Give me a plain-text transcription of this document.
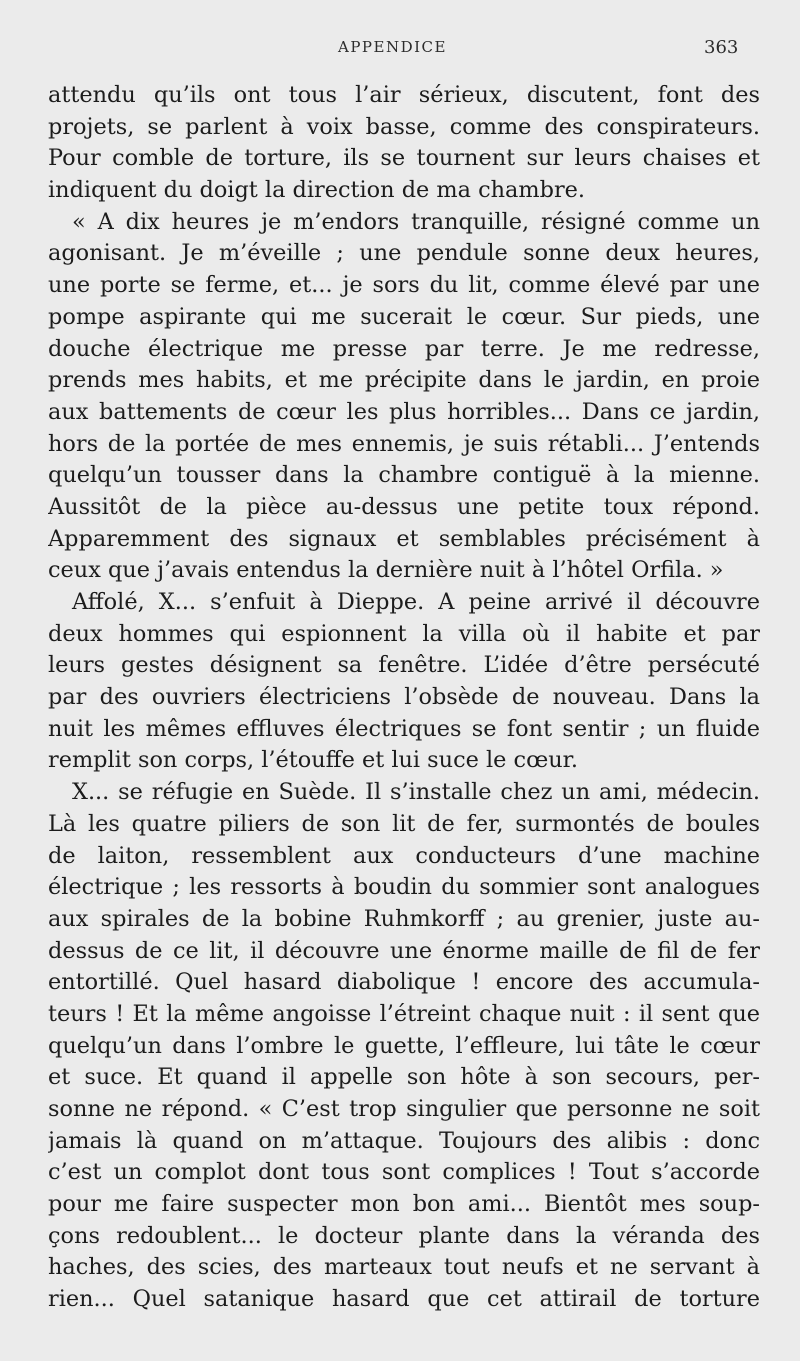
APPENDICE	363
attendu qu’ils ont tous l’air sérieux, discutent, font des
projets, se parlent à voix basse, comme des conspirateurs.
Pour comble de torture, ils se tournent sur leurs chaises et
indiquent du doigt la direction de ma chambre.
« A dix heures je m’endors tranquille, résigné comme un
agonisant. Je m’éveille ; une pendule sonne deux heures,
une porte se ferme, et... je sors du lit, comme élevé par une
pompe aspirante qui me sucerait le cœur. Sur pieds, une
douche électrique me presse par terre. Je me redresse,
prends mes habits, et me précipite dans le jardin, en proie
aux battements de cœur les plus horribles... Dans ce jardin,
hors de la portée de mes ennemis, je suis rétabli... J’entends
quelqu’un tousser dans la chambre contiguë à la mienne.
Aussitôt de la pièce au-dessus une petite toux répond.
Apparemment des signaux et semblables précisément à
ceux que j’avais entendus la dernière nuit à l’hôtel Orfila. »
Affolé, X... s’enfuit à Dieppe. A peine arrivé il découvre
deux hommes qui espionnent la villa où il habite et par
leurs gestes désignent sa fenêtre. L’idée d’être persécuté
par des ouvriers électriciens l’obsède de nouveau. Dans la
nuit les mêmes effluves électriques se font sentir ; un fluide
remplit son corps, l’étouffe et lui suce le cœur.
X... se réfugie en Suède. Il s’installe chez un ami, médecin.
Là les quatre piliers de son lit de fer, surmontés de boules
de laiton, ressemblent aux conducteurs d’une machine
électrique ; les ressorts à boudin du sommier sont analogues
aux spirales de la bobine Ruhmkorff ; au grenier, juste au-
dessus de ce lit, il découvre une énorme maille de fil de fer
entortillé. Quel hasard diabolique ! encore des accumula-
teurs ! Et la même angoisse l’étreint chaque nuit : il sent que
quelqu’un dans l’ombre le guette, l’effleure, lui tâte le cœur
et suce. Et quand il appelle son hôte à son secours, per-
sonne ne répond. « C’est trop singulier que personne ne soit
jamais là quand on m’attaque. Toujours des alibis : donc
c’est un complot dont tous sont complices ! Tout s’accorde
pour me faire suspecter mon bon ami... Bientôt mes soup-
çons redoublent... le docteur plante dans la véranda des
haches, des scies, des marteaux tout neufs et ne servant à
rien... Quel satanique hasard que cet attirail de torture
